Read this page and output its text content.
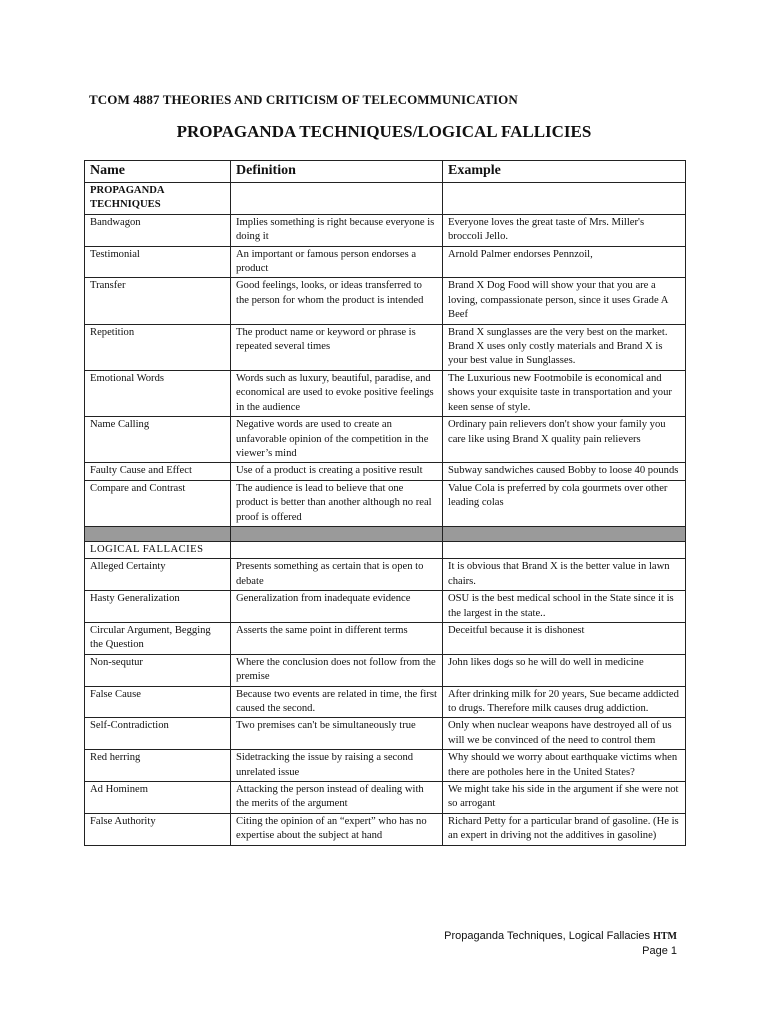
TCOM 4887 THEORIES AND CRITICISM OF TELECOMMUNICATION
PROPAGANDA TECHNIQUES/LOGICAL FALLICIES
Name	Definition	Example
PROPAGANDA TECHNIQUES		
Bandwagon	Implies something is right because everyone is doing it	Everyone loves the great taste of Mrs. Miller's broccoli Jello.
Testimonial	An important or famous person endorses a product	Arnold Palmer endorses Pennzoil,
Transfer	Good feelings, looks, or ideas transferred to the person for whom the product is intended	Brand X Dog Food will show your that you are a loving, compassionate person, since it uses Grade A Beef
Repetition	The product name or keyword or phrase is repeated several times	Brand X sunglasses are the very best on the market. Brand X uses only costly materials and Brand X is your best value in Sunglasses.
Emotional Words	Words such as luxury, beautiful, paradise, and economical are used to evoke positive feelings in the audience	The Luxurious new Footmobile is economical and shows your exquisite taste in transportation and your keen sense of style.
Name Calling	Negative words are used to create an unfavorable opinion of the competition in the viewer’s mind	Ordinary pain relievers don't show your family you care like using Brand X quality pain relievers
Faulty Cause and Effect	Use of a product is creating a positive result	Subway sandwiches caused Bobby to loose 40 pounds
Compare and Contrast	The audience is lead to believe that one product is better than another although no real proof is offered	Value Cola is preferred by cola gourmets over other leading colas

LOGICAL FALLACIES		
Alleged Certainty	Presents something as certain that is open to debate	It is obvious that Brand X is the better value in lawn chairs.
Hasty Generalization	Generalization from inadequate evidence	OSU is the best medical school in the State since it is the largest in the state..
Circular Argument, Begging the Question	Asserts the same point in different terms	Deceitful because it is dishonest
Non-sequtur	Where the conclusion does not follow from the premise	John likes dogs so he will do well in medicine
False Cause	Because two events are related in time, the first caused the second.	After drinking milk for 20 years, Sue became addicted to drugs. Therefore milk causes drug addiction.
Self-Contradiction	Two premises can't be simultaneously true	Only when nuclear weapons have destroyed all of us will we be convinced of the need to control them
Red herring	Sidetracking the issue by raising a second unrelated issue	Why should we worry about earthquake victims when there are potholes here in the United States?
Ad Hominem	Attacking the person instead of dealing with the merits of the argument	We might take his side in the argument if she were not so arrogant
False Authority	Citing the opinion of an “expert” who has no expertise about the subject at hand	Richard Petty for a particular brand of gasoline. (He is an expert in driving not the additives in gasoline)
Propaganda Techniques, Logical Fallacies HTM
Page 1
